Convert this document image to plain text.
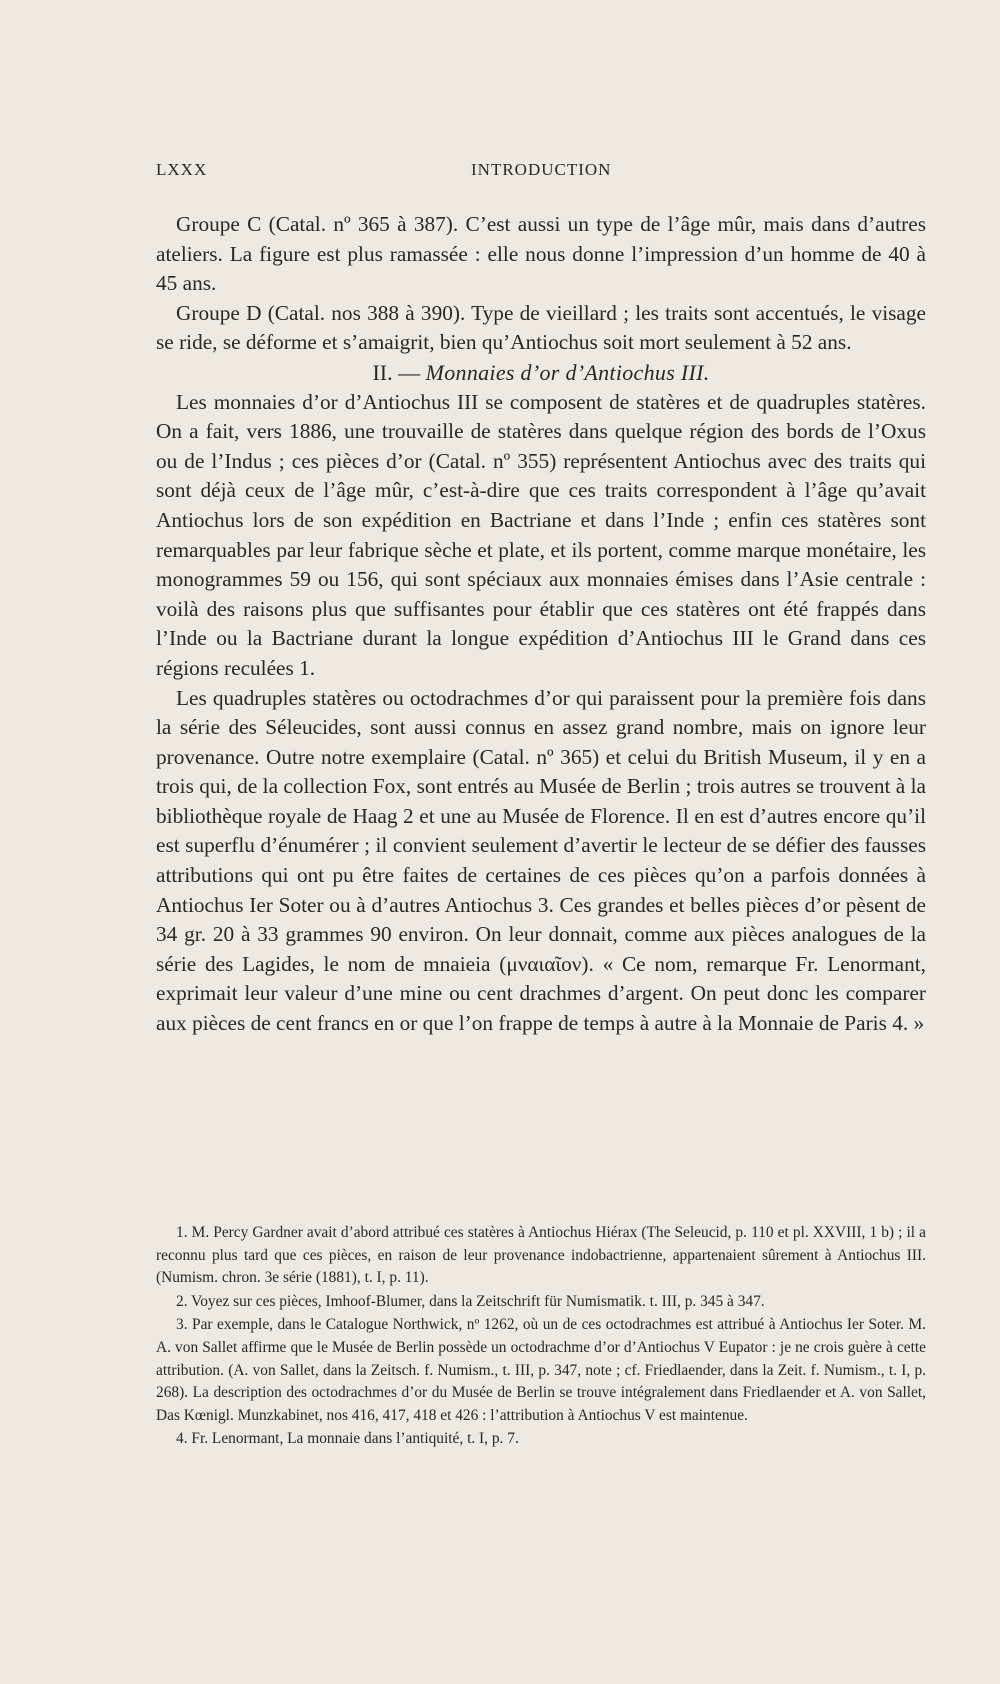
LXXX	INTRODUCTION

Groupe C (Catal. nº 365 à 387). C’est aussi un type de l’âge mûr, mais dans d’autres ateliers. La figure est plus ramassée : elle nous donne l’impression d’un homme de 40 à 45 ans.

Groupe D (Catal. nos 388 à 390). Type de vieillard ; les traits sont accentués, le visage se ride, se déforme et s’amaigrit, bien qu’Antiochus soit mort seulement à 52 ans.

II. — Monnaies d’or d’Antiochus III.

Les monnaies d’or d’Antiochus III se composent de statères et de quadruples statères. On a fait, vers 1886, une trouvaille de statères dans quelque région des bords de l’Oxus ou de l’Indus ; ces pièces d’or (Catal. nº 355) représentent Antiochus avec des traits qui sont déjà ceux de l’âge mûr, c’est-à-dire que ces traits correspondent à l’âge qu’avait Antiochus lors de son expédition en Bactriane et dans l’Inde ; enfin ces statères sont remarquables par leur fabrique sèche et plate, et ils portent, comme marque monétaire, les monogrammes 59 ou 156, qui sont spéciaux aux monnaies émises dans l’Asie centrale : voilà des raisons plus que suffisantes pour établir que ces statères ont été frappés dans l’Inde ou la Bactriane durant la longue expédition d’Antiochus III le Grand dans ces régions reculées 1.

Les quadruples statères ou octodrachmes d’or qui paraissent pour la première fois dans la série des Séleucides, sont aussi connus en assez grand nombre, mais on ignore leur provenance. Outre notre exemplaire (Catal. nº 365) et celui du British Museum, il y en a trois qui, de la collection Fox, sont entrés au Musée de Berlin ; trois autres se trouvent à la bibliothèque royale de Haag 2 et une au Musée de Florence. Il en est d’autres encore qu’il est superflu d’énumérer ; il convient seulement d’avertir le lecteur de se défier des fausses attributions qui ont pu être faites de certaines de ces pièces qu’on a parfois données à Antiochus Ier Soter ou à d’autres Antiochus 3. Ces grandes et belles pièces d’or pèsent de 34 gr. 20 à 33 grammes 90 environ. On leur donnait, comme aux pièces analogues de la série des Lagides, le nom de mnaieia (μναιαῖον). « Ce nom, remarque Fr. Lenormant, exprimait leur valeur d’une mine ou cent drachmes d’argent. On peut donc les comparer aux pièces de cent francs en or que l’on frappe de temps à autre à la Monnaie de Paris 4. »

1. M. Percy Gardner avait d’abord attribué ces statères à Antiochus Hiérax (The Seleucid, p. 110 et pl. XXVIII, 1 b) ; il a reconnu plus tard que ces pièces, en raison de leur provenance indobactrienne, appartenaient sûrement à Antiochus III. (Numism. chron. 3e série (1881), t. I, p. 11).

2. Voyez sur ces pièces, Imhoof-Blumer, dans la Zeitschrift für Numismatik. t. III, p. 345 à 347.

3. Par exemple, dans le Catalogue Northwick, nº 1262, où un de ces octodrachmes est attribué à Antiochus Ier Soter. M. A. von Sallet affirme que le Musée de Berlin possède un octodrachme d’or d’Antiochus V Eupator : je ne crois guère à cette attribution. (A. von Sallet, dans la Zeitsch. f. Numism., t. III, p. 347, note ; cf. Friedlaender, dans la Zeit. f. Numism., t. I, p. 268). La description des octodrachmes d’or du Musée de Berlin se trouve intégralement dans Friedlaender et A. von Sallet, Das Kœnigl. Munzkabinet, nos 416, 417, 418 et 426 : l’attribution à Antiochus V est maintenue.

4. Fr. Lenormant, La monnaie dans l’antiquité, t. I, p. 7.
